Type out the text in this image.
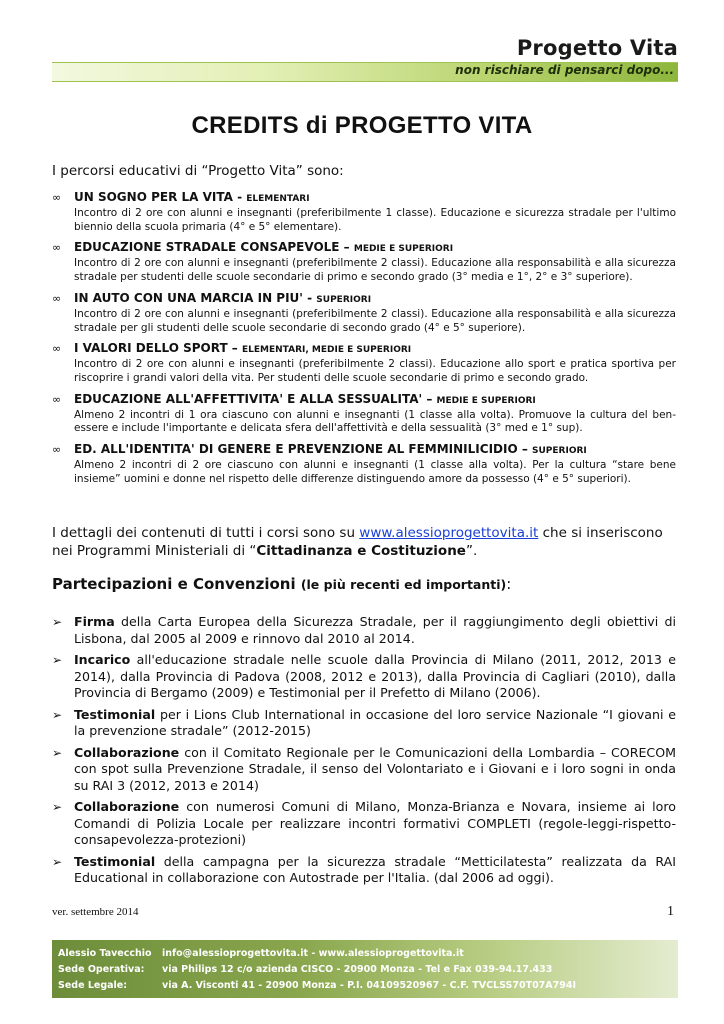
Progetto Vita
non rischiare di pensarci dopo...
CREDITS di PROGETTO VITA

I percorsi educativi di “Progetto Vita” sono:

∞ UN SOGNO PER LA VITA - ELEMENTARI
Incontro di 2 ore con alunni e insegnanti (preferibilmente 1 classe). Educazione e sicurezza stradale per l'ultimo biennio della scuola primaria (4° e 5° elementare).
∞ EDUCAZIONE STRADALE CONSAPEVOLE – MEDIE E SUPERIORI
Incontro di 2 ore con alunni e insegnanti (preferibilmente 2 classi). Educazione alla responsabilità e alla sicurezza stradale per studenti delle scuole secondarie di primo e secondo grado (3° media e 1°, 2° e 3° superiore).
∞ IN AUTO CON UNA MARCIA IN PIU' - SUPERIORI
Incontro di 2 ore con alunni e insegnanti (preferibilmente 2 classi). Educazione alla responsabilità e alla sicurezza stradale per gli studenti delle scuole secondarie di secondo grado (4° e 5° superiore).
∞ I VALORI DELLO SPORT – ELEMENTARI, MEDIE E SUPERIORI
Incontro di 2 ore con alunni e insegnanti (preferibilmente 2 classi). Educazione allo sport e pratica sportiva per riscoprire i grandi valori della vita. Per studenti delle scuole secondarie di primo e secondo grado.
∞ EDUCAZIONE ALL'AFFETTIVITA' E ALLA SESSUALITA' – MEDIE E SUPERIORI
Almeno 2 incontri di 1 ora ciascuno con alunni e insegnanti (1 classe alla volta). Promuove la cultura del ben-essere e include l'importante e delicata sfera dell'affettività e della sessualità (3° med e 1° sup).
∞ ED. ALL'IDENTITA' DI GENERE E PREVENZIONE AL FEMMINILICIDIO – SUPERIORI
Almeno 2 incontri di 2 ore ciascuno con alunni e insegnanti (1 classe alla volta). Per la cultura “stare bene insieme” uomini e donne nel rispetto delle differenze distinguendo amore da possesso (4° e 5° superiori).

I dettagli dei contenuti di tutti i corsi sono su www.alessioprogettovita.it che si inseriscono nei Programmi Ministeriali di “Cittadinanza e Costituzione”.

Partecipazioni e Convenzioni (le più recenti ed importanti):
➢ Firma della Carta Europea della Sicurezza Stradale, per il raggiungimento degli obiettivi di Lisbona, dal 2005 al 2009 e rinnovo dal 2010 al 2014.
➢ Incarico all'educazione stradale nelle scuole dalla Provincia di Milano (2011, 2012, 2013 e 2014), dalla Provincia di Padova (2008, 2012 e 2013), dalla Provincia di Cagliari (2010), dalla Provincia di Bergamo (2009) e Testimonial per il Prefetto di Milano (2006).
➢ Testimonial per i Lions Club International in occasione del loro service Nazionale “I giovani e la prevenzione stradale” (2012-2015)
➢ Collaborazione con il Comitato Regionale per le Comunicazioni della Lombardia – CORECOM con spot sulla Prevenzione Stradale, il senso del Volontariato e i Giovani e i loro sogni in onda su RAI 3 (2012, 2013 e 2014)
➢ Collaborazione con numerosi Comuni di Milano, Monza-Brianza e Novara, insieme ai loro Comandi di Polizia Locale per realizzare incontri formativi COMPLETI (regole-leggi-rispetto-consapevolezza-protezioni)
➢ Testimonial della campagna per la sicurezza stradale “Metticilatesta” realizzata da RAI Educational in collaborazione con Autostrade per l'Italia. (dal 2006 ad oggi).
ver. settembre 2014	1
Alessio Tavecchio info@alessioprogettovita.it - www.alessioprogettovita.it
Sede Operativa: via Philips 12 c/o azienda CISCO - 20900 Monza - Tel e Fax 039-94.17.433
Sede Legale:	via A. Visconti 41 - 20900 Monza - P.I. 04109520967 - C.F. TVCLSS70T07A794I
